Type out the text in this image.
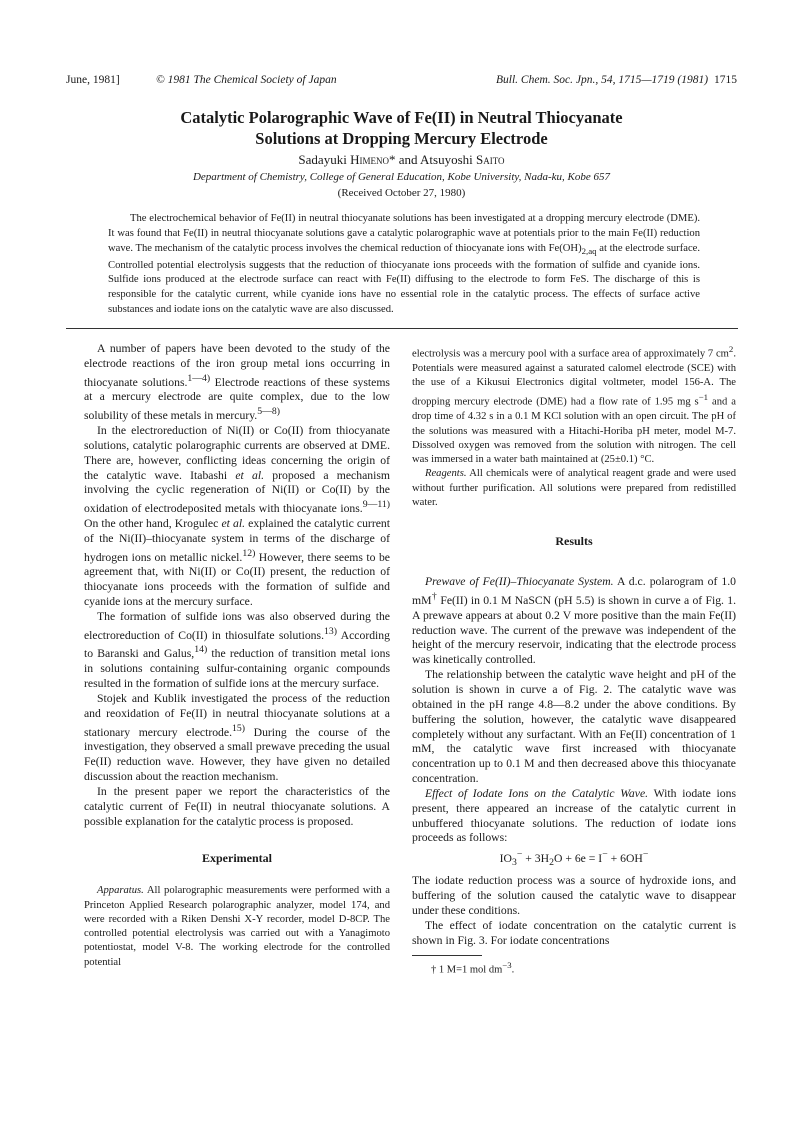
June, 1981]	© 1981 The Chemical Society of Japan	Bull. Chem. Soc. Jpn., 54, 1715—1719 (1981) 1715
Catalytic Polarographic Wave of Fe(II) in Neutral Thiocyanate
Solutions at Dropping Mercury Electrode
Sadayuki Himeno* and Atsuyoshi Saito
Department of Chemistry, College of General Education, Kobe University, Nada-ku, Kobe 657
(Received October 27, 1980)

The electrochemical behavior of Fe(II) in neutral thiocyanate solutions has been investigated at a dropping mercury electrode (DME). It was found that Fe(II) in neutral thiocyanate solutions gave a catalytic polarographic wave at potentials prior to the main Fe(II) reduction wave. The mechanism of the catalytic process involves the chemical reduction of thiocyanate ions with $Fe(OH)_{2,aq}$ at the electrode surface. Controlled potential electrolysis suggests that the reduction of thiocyanate ions proceeds with the formation of sulfide and cyanide ions. Sulfide ions produced at the electrode surface can react with Fe(II) diffusing to the electrode to form FeS. The discharge of this is responsible for the catalytic current, while cyanide ions have no essential role in the catalytic process. The effects of surface active substances and iodate ions on the catalytic wave are also discussed.

A number of papers have been devoted to the study of the electrode reactions of the iron group metal ions occurring in thiocyanate solutions.$^{1—4)}$ Electrode reactions of these systems at a mercury electrode are quite complex, due to the low solubility of these metals in mercury.$^{5—8)}$

In the electroreduction of Ni(II) or Co(II) from thiocyanate solutions, catalytic polarographic currents are observed at DME. There are, however, conflicting ideas concerning the origin of the catalytic wave. Itabashi et al. proposed a mechanism involving the cyclic regeneration of Ni(II) or Co(II) by the oxidation of electrodeposited metals with thiocyanate ions.$^{9—11)}$ On the other hand, Krogulec et al. explained the catalytic current of the Ni(II)–thiocyanate system in terms of the discharge of hydrogen ions on metallic nickel.$^{12)}$ However, there seems to be agreement that, with Ni(II) or Co(II) present, the reduction of thiocyanate ions proceeds with the formation of sulfide and cyanide ions at the mercury surface.

The formation of sulfide ions was also observed during the electroreduction of Co(II) in thiosulfate solutions.$^{13)}$ According to Baranski and Galus,$^{14)}$ the reduction of transition metal ions in solutions containing sulfur-containing organic compounds resulted in the formation of sulfide ions at the mercury surface.

Stojek and Kublik investigated the process of the reduction and reoxidation of Fe(II) in neutral thiocyanate solutions at a stationary mercury electrode.$^{15)}$ During the course of the investigation, they observed a small prewave preceding the usual Fe(II) reduction wave. However, they have given no detailed discussion about the reaction mechanism.

In the present paper we report the characteristics of the catalytic current of Fe(II) in neutral thiocyanate solutions. A possible explanation for the catalytic process is proposed.

Experimental

Apparatus. All polarographic measurements were performed with a Princeton Applied Research polarographic analyzer, model 174, and were recorded with a Riken Denshi X-Y recorder, model D-8CP. The controlled potential electrolysis was carried out with a Yanagimoto potentiostat, model V-8. The working electrode for the controlled potential

electrolysis was a mercury pool with a surface area of approximately 7 $cm^2$. Potentials were measured against a saturated calomel electrode (SCE) with the use of a Kikusui Electronics digital voltmeter, model 156-A. The dropping mercury electrode (DME) had a flow rate of 1.95 mg $s^{-1}$ and a drop time of 4.32 s in a 0.1 M KCl solution with an open circuit. The pH of the solutions was measured with a Hitachi-Horiba pH meter, model M-7. Dissolved oxygen was removed from the solution with nitrogen. The cell was immersed in a water bath maintained at (25±0.1) °C.

Reagents. All chemicals were of analytical reagent grade and were used without further purification. All solutions were prepared from redistilled water.

Results

Prewave of Fe(II)–Thiocyanate System. A d.c. polarogram of 1.0 mM† Fe(II) in 0.1 M NaSCN (pH 5.5) is shown in curve a of Fig. 1. A prewave appears at about 0.2 V more positive than the main Fe(II) reduction wave. The current of the prewave was independent of the height of the mercury reservoir, indicating that the electrode process was kinetically controlled.

The relationship between the catalytic wave height and pH of the solution is shown in curve a of Fig. 2. The catalytic wave was obtained in the pH range 4.8—8.2 under the above conditions. By buffering the solution, however, the catalytic wave disappeared completely without any surfactant. With an Fe(II) concentration of 1 mM, the catalytic wave first increased with thiocyanate concentration up to 0.1 M and then decreased above this thiocyanate concentration.

Effect of Iodate Ions on the Catalytic Wave. With iodate ions present, there appeared an increase of the catalytic current in unbuffered thiocyanate solutions. The reduction of iodate ions proceeds as follows:

$IO_3^- + 3H_2O + 6e = I^- + 6OH^-$

The iodate reduction process was a source of hydroxide ions, and buffering of the solution caused the catalytic wave to disappear under these conditions.

The effect of iodate concentration on the catalytic current is shown in Fig. 3. For iodate concentrations

† 1 M=1 mol $dm^{-3}$.
